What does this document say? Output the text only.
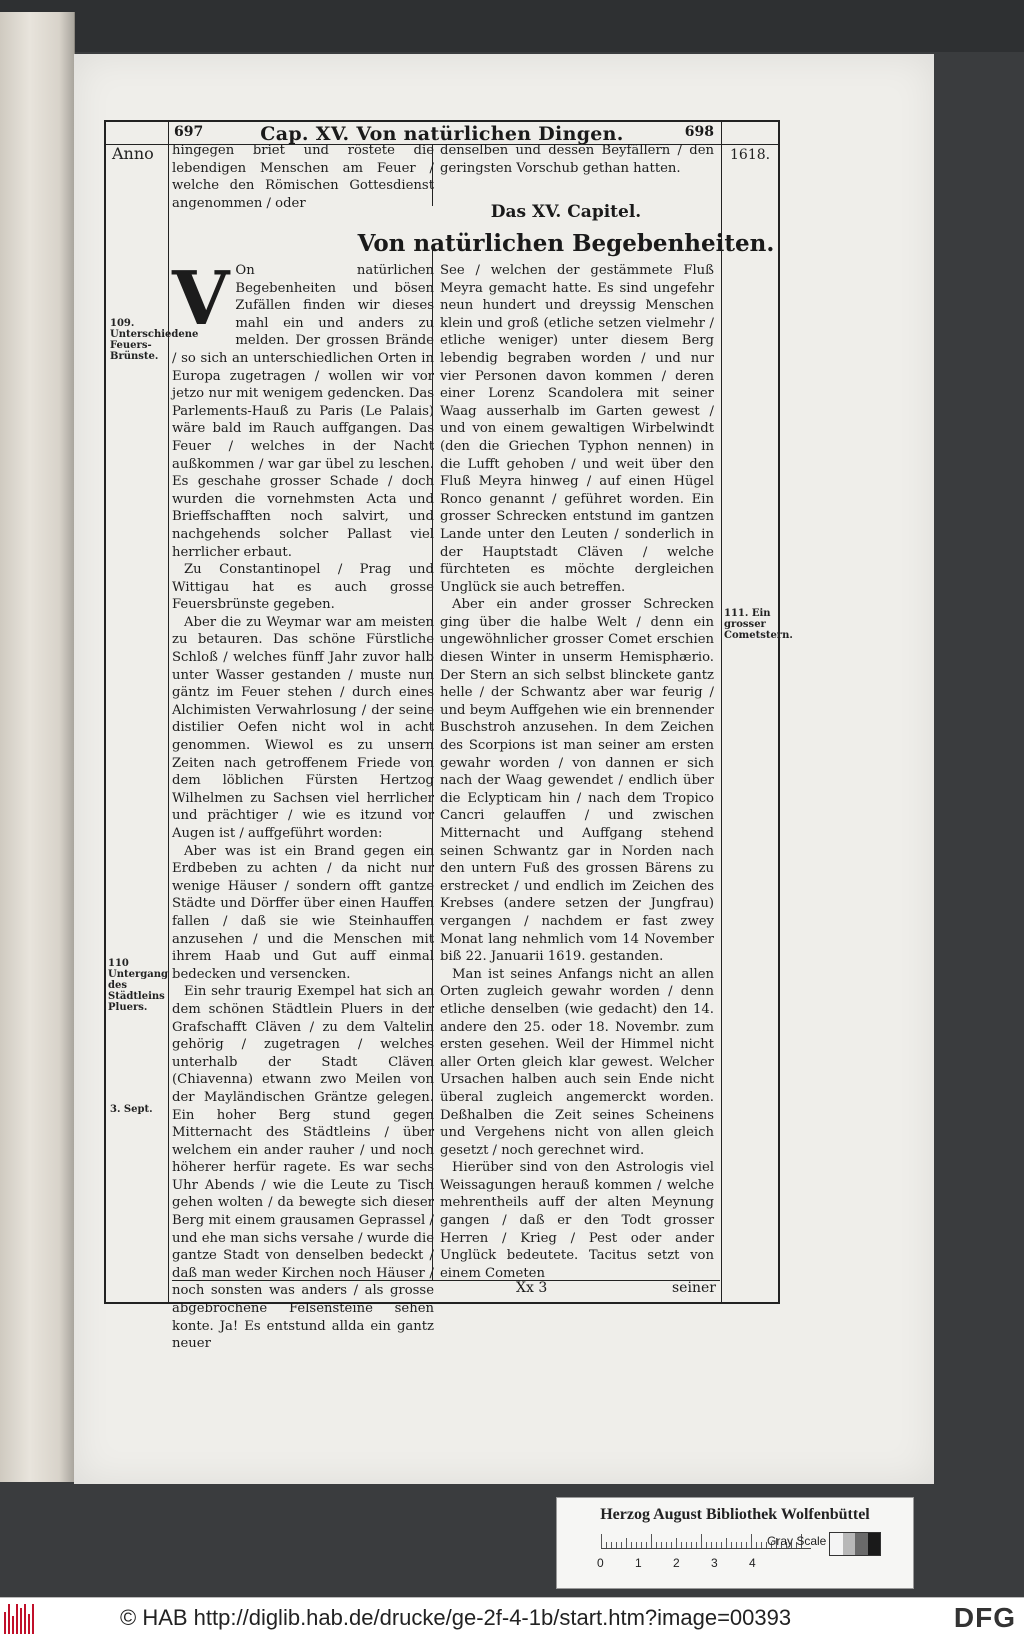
697	Cap. XV. Von natürlichen Dingen.	698
Anno	1618.
109. Unterschiedene Feuers-Brünste.
110 Untergang des Städtleins Pluers.
3. Sept.
111. Ein grosser Cometstern.

hingegen briet und röstete die lebendigen Menschen am Feuer / welche den Römischen Gottesdienst angenommen / oder

denselben und dessen Beyfällern / den geringsten Vorschub gethan hatten.

Das XV. Capitel.
Von natürlichen Begebenheiten.
V On natürlichen Begebenheiten und bösen Zufällen finden wir dieses mahl ein und anders zu melden. Der grossen Brände / so sich an unterschiedlichen Orten in Europa zugetragen / wollen wir vor jetzo nur mit wenigem gedencken. Das Parlements-Hauß zu Paris (Le Palais) wäre bald im Rauch auffgangen. Das Feuer / welches in der Nacht außkommen / war gar übel zu leschen. Es geschahe grosser Schade / doch wurden die vornehmsten Acta und Brieffschafften noch salvirt, und nachgehends solcher Pallast viel herrlicher erbaut.

Zu Constantinopel / Prag und Wittigau hat es auch grosse Feuersbrünste gegeben.

Aber die zu Weymar war am meisten zu betauren. Das schöne Fürstliche Schloß / welches fünff Jahr zuvor halb unter Wasser gestanden / muste nun gäntz im Feuer stehen / durch eines Alchimisten Verwahrlosung / der seine distilier Oefen nicht wol in acht genommen. Wiewol es zu unsern Zeiten nach getroffenem Friede von dem löblichen Fürsten Hertzog Wilhelmen zu Sachsen viel herrlicher und prächtiger / wie es itzund vor Augen ist / auffgeführt worden:

Aber was ist ein Brand gegen ein Erdbeben zu achten / da nicht nur wenige Häuser / sondern offt gantze Städte und Dörffer über einen Hauffen fallen / daß sie wie Steinhauffen anzusehen / und die Menschen mit ihrem Haab und Gut auff einmal bedecken und versencken.

Ein sehr traurig Exempel hat sich an dem schönen Städtlein Pluers in der Grafschafft Cläven / zu dem Valtelin gehörig / zugetragen / welches unterhalb der Stadt Cläven (Chiavenna) etwann zwo Meilen von der Mayländischen Gräntze gelegen. Ein hoher Berg stund gegen Mitternacht des Städtleins / über welchem ein ander rauher / und noch höherer herfür ragete. Es war sechs Uhr Abends / wie die Leute zu Tisch gehen wolten / da bewegte sich dieser Berg mit einem grausamen Geprassel / und ehe man sichs versahe / wurde die gantze Stadt von denselben bedeckt / daß man weder Kirchen noch Häuser / noch sonsten was anders / als grosse abgebrochene Felsensteine sehen konte. Ja! Es entstund allda ein gantz neuer

See / welchen der gestämmete Fluß Meyra gemacht hatte. Es sind ungefehr neun hundert und dreyssig Menschen klein und groß (etliche setzen vielmehr / etliche weniger) unter diesem Berg lebendig begraben worden / und nur vier Personen davon kommen / deren einer Lorenz Scandolera mit seiner Waag ausserhalb im Garten gewest / und von einem gewaltigen Wirbelwindt (den die Griechen Typhon nennen) in die Lufft gehoben / und weit über den Fluß Meyra hinweg / auf einen Hügel Ronco genannt / geführet worden. Ein grosser Schrecken entstund im gantzen Lande unter den Leuten / sonderlich in der Hauptstadt Cläven / welche fürchteten es möchte dergleichen Unglück sie auch betreffen.

Aber ein ander grosser Schrecken ging über die halbe Welt / denn ein ungewöhnlicher grosser Comet erschien diesen Winter in unserm Hemisphærio. Der Stern an sich selbst blinckete gantz helle / der Schwantz aber war feurig / und beym Auffgehen wie ein brennender Buschstroh anzusehen. In dem Zeichen des Scorpions ist man seiner am ersten gewahr worden / von dannen er sich nach der Waag gewendet / endlich über die Eclypticam hin / nach dem Tropico Cancri gelauffen / und zwischen Mitternacht und Auffgang stehend seinen Schwantz gar in Norden nach den untern Fuß des grossen Bärens zu erstrecket / und endlich im Zeichen des Krebses (andere setzen der Jungfrau) vergangen / nachdem er fast zwey Monat lang nehmlich vom 14 November biß 22. Januarii 1619. gestanden.

Man ist seines Anfangs nicht an allen Orten zugleich gewahr worden / denn etliche denselben (wie gedacht) den 14. andere den 25. oder 18. Novembr. zum ersten gesehen. Weil der Himmel nicht aller Orten gleich klar gewest. Welcher Ursachen halben auch sein Ende nicht überal zugleich angemerckt worden. Deßhalben die Zeit seines Scheinens und Vergehens nicht von allen gleich gesetzt / noch gerechnet wird.

Hierüber sind von den Astrologis viel Weissagungen herauß kommen / welche mehrentheils auff der alten Meynung gangen / daß er den Todt grosser Herren / Krieg / Pest oder ander Unglück bedeutete. Tacitus setzt von einem Cometen

Xx 3	seiner
Herzog August Bibliothek Wolfenbüttel
0	1	2	3	4
Gray Scale
© HAB http://diglib.hab.de/drucke/ge-2f-4-1b/start.htm?image=00393	DFG
